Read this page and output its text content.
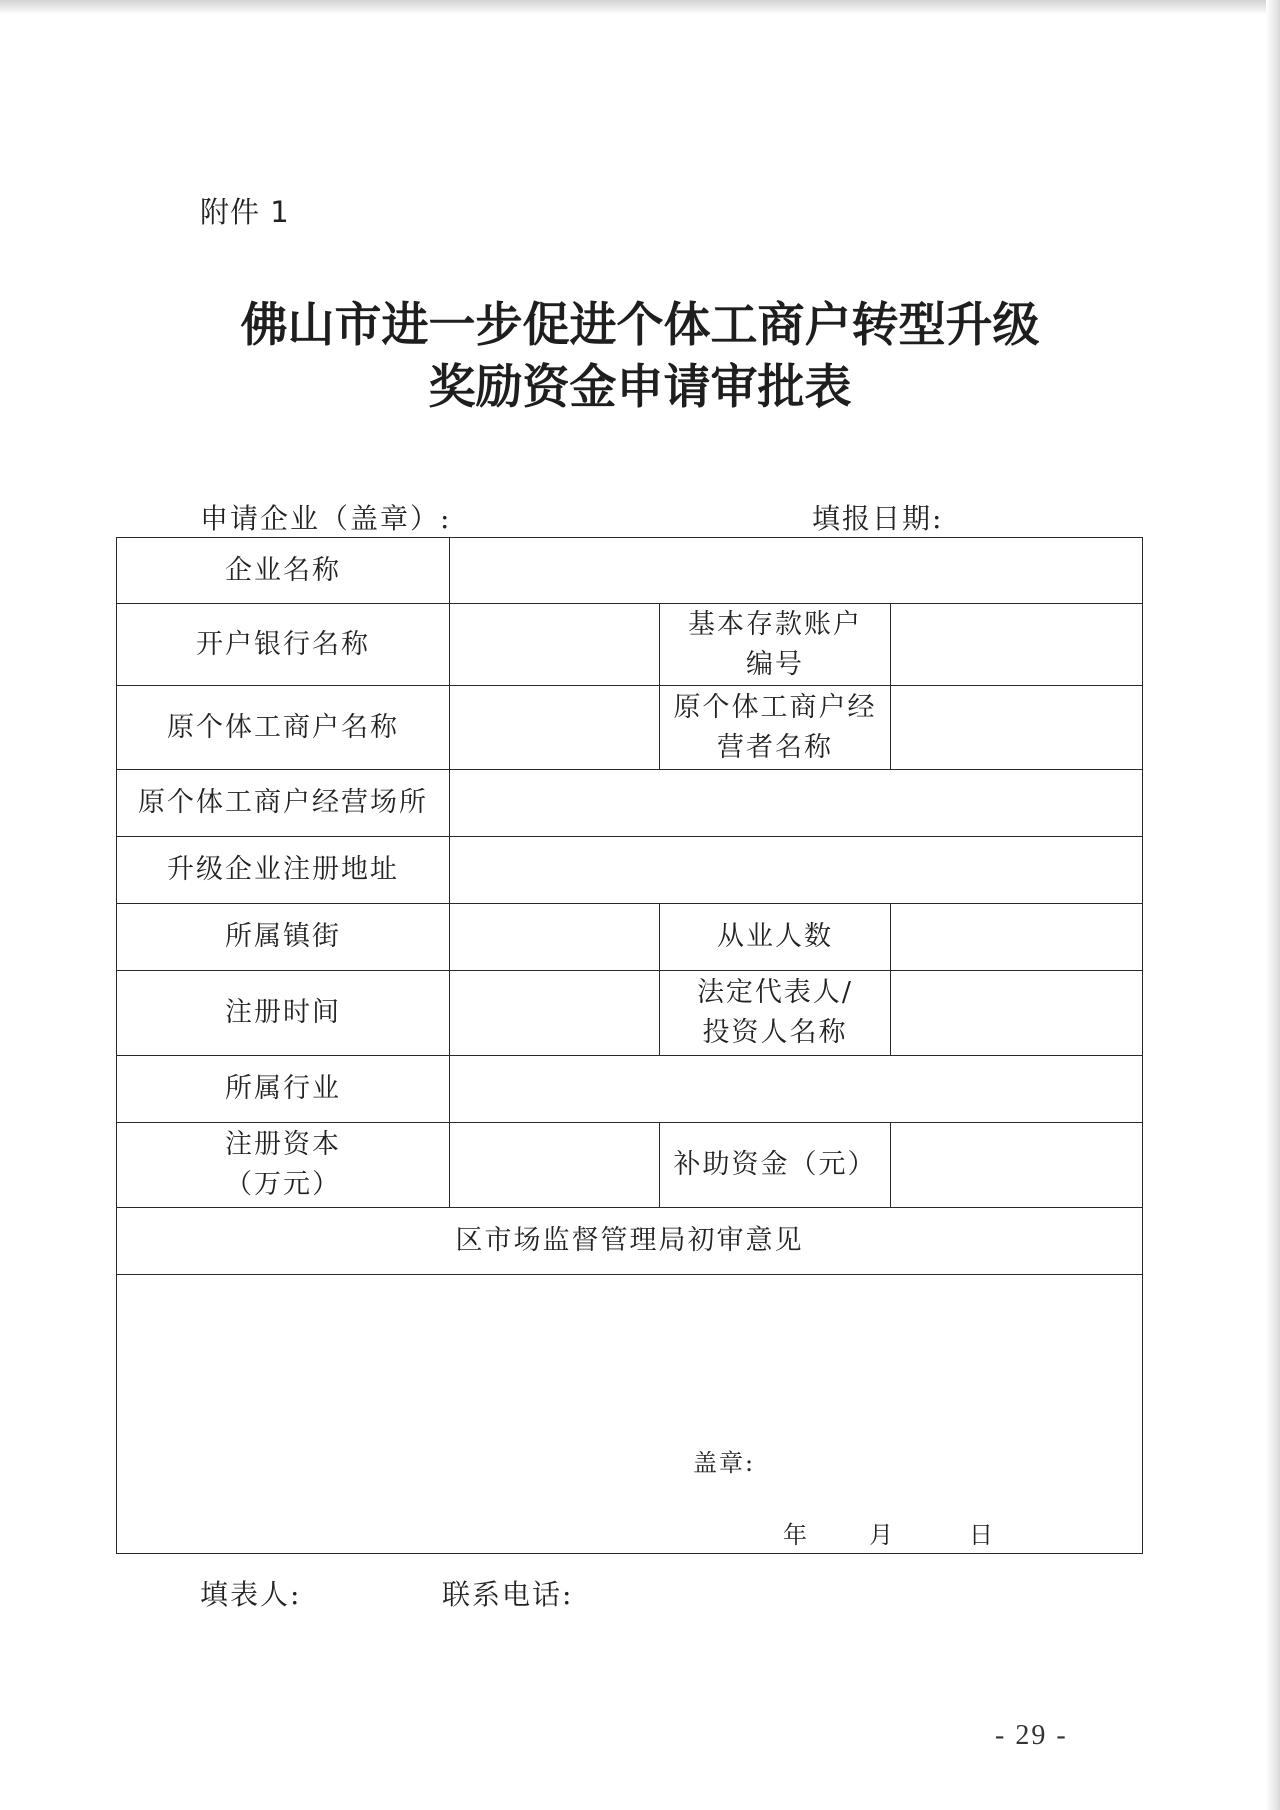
附件 1
佛山市进一步促进个体工商户转型升级
奖励资金申请审批表
申请企业（盖章）:	填报日期:
企业名称			
开户银行名称		基本存款账户
编号	

原个体工商户名称		原个体工商户经
营者名称	

原个体工商户经营场所			
升级企业注册地址			
所属镇街		从业人数	
注册时间		法定代表人/
投资人名称	

所属行业			

注册资本
（万元）		补助资金（元）	
区市场监督管理局初审意见			

盖章:
年 月 日			
填表人:	联系电话:
- 29 -
